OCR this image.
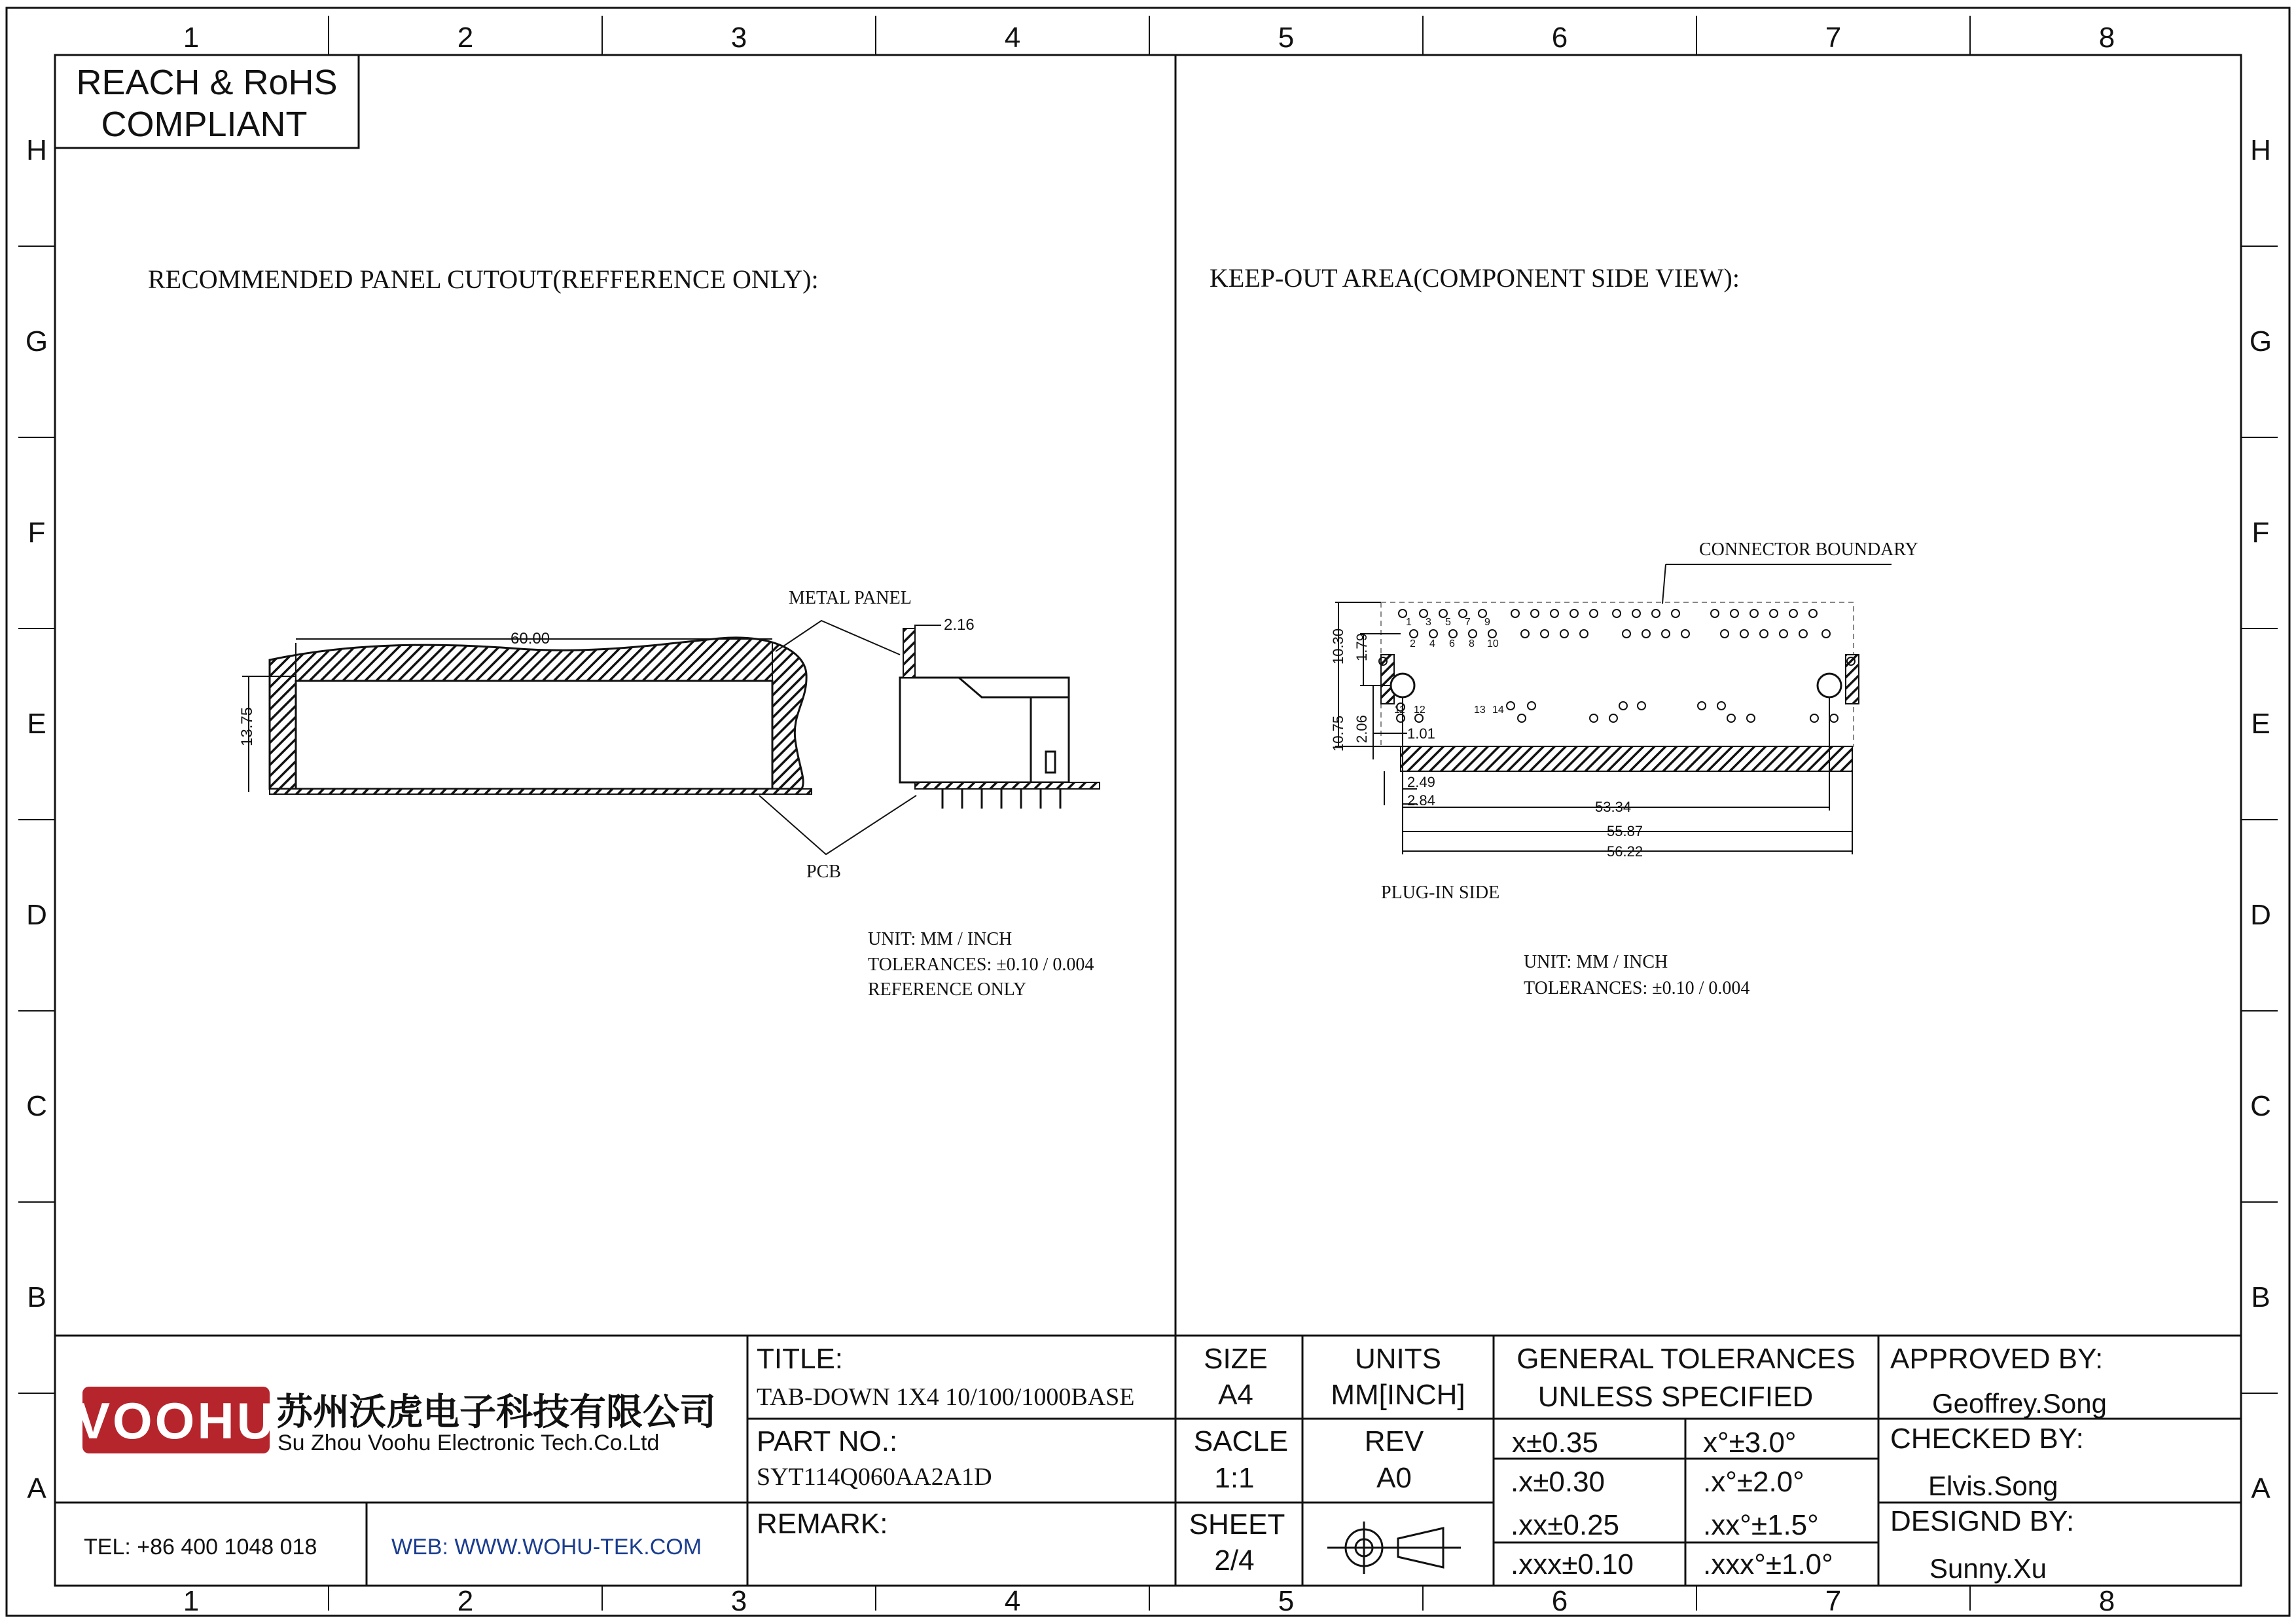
1	2	3	4	5	6	7	8
1	2	3	4	5	6	7	8
H
G
F
E
D
C
B
A
H
G
F
E
D
C
B
A
REACH & RoHS
COMPLIANT
RECOMMENDED PANEL CUTOUT(REFFERENCE ONLY):
60.00
13.75
2.16
METAL PANEL
PCB
UNIT: MM / INCH
TOLERANCES: ±0.10 / 0.004
REFERENCE ONLY
KEEP-OUT AREA(COMPONENT SIDE VIEW):
CONNECTOR BOUNDARY
1 3 5 7 9
2 4 6 8 10
11 12	13 14
10.30 1.79
10.75 2.06	1.01
2.49
2.84	53.34
55.87
56.22
PLUG-IN SIDE
UNIT: MM / INCH
TOLERANCES: ±0.10 / 0.004
VOOHU 苏州沃虎电子科技有限公司
Su Zhou Voohu Electronic Tech.Co.Ltd
TEL: +86 400 1048 018	WEB: WWW.WOHU-TEK.COM
TITLE:
TAB-DOWN 1X4 10/100/1000BASE
PART NO.:
SYT114Q060AA2A1D
REMARK:
SIZE
A4
UNITS
MM[INCH]
SACLE
1:1
REV
A0
SHEET
2/4
GENERAL TOLERANCES
UNLESS SPECIFIED
x±0.35	x°±3.0°
.x±0.30	.x°±2.0°
.xx±0.25	.xx°±1.5°
.xxx±0.10 .xxx°±1.0°
APPROVED BY:
Geoffrey.Song
CHECKED BY:
Elvis.Song
DESIGND BY:
Sunny.Xu
